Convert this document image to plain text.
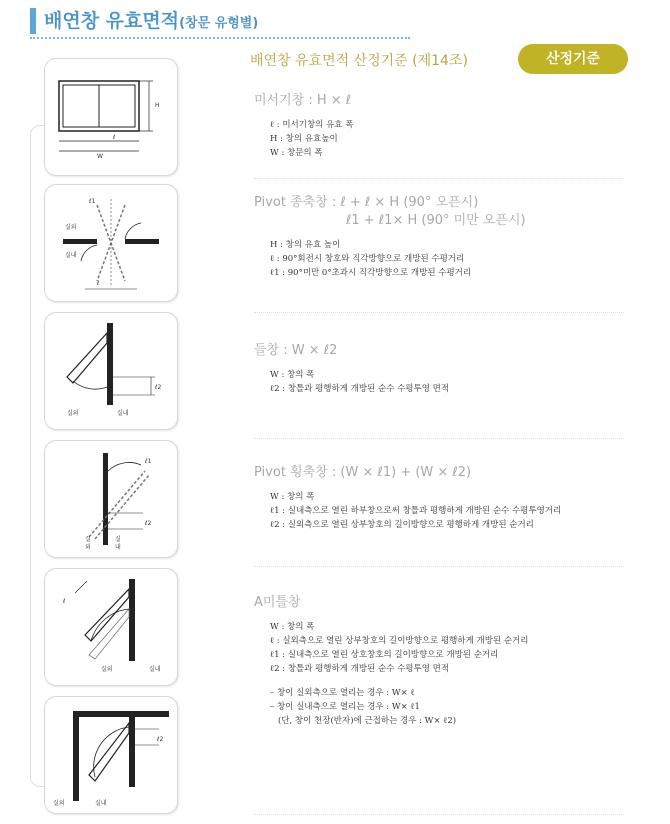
배연창 유효면적(창문 유형별)
배연창 유효면적 산정기준 (제14조)	산정기준
H
ℓ
W
ℓ1
실외
실내
ℓ
ℓ2
실외	실내
ℓ1
ℓ2
실
외
실
내
ℓ
실외	실내
ℓ2
실외	실내
미서기창 : H × ℓ
ℓ : 미서기창의 유효 폭
H : 창의 유효높이
W : 창문의 폭
Pivot 종축창 : ℓ + ℓ × H (90° 오픈시)
ℓ1 + ℓ1× H (90° 미만 오픈시)
H : 창의 유효 높이
ℓ : 90°회전시 창호와 직각방향으로 개방된 수평거리
ℓ1 : 90°미만 0°초과시 직각방향으로 개방된 수평거리
들창 : W × ℓ2
W : 창의 폭
ℓ2 : 창틀과 평행하게 개방된 순수 수평투영 면적
Pivot 횡축창 : (W × ℓ1) + (W × ℓ2)
W : 창의 폭
ℓ1 : 실내측으로 열린 하부창으로써 창틀과 평행하게 개방된 순수 수평투영거리
ℓ2 : 실외측으로 열린 상부창호의 길이방향으로 평행하게 개방된 순거리
A미틀창
W : 창의 폭
ℓ : 실외측으로 열린 상부창호의 길이방향으로 평행하게 개방된 순거리
ℓ1 : 실내측으로 열린 상호창호의 길이방향으로 개방된 순거리
ℓ2 : 창틀과 평행하게 개방된 순수 수평투영 면적
– 창이 실외측으로 열리는 경우 : W× ℓ
– 창이 실내측으로 열리는 경우 : W× ℓ1
(단, 창이 천장(반자)에 근접하는 경우 : W× ℓ2)
